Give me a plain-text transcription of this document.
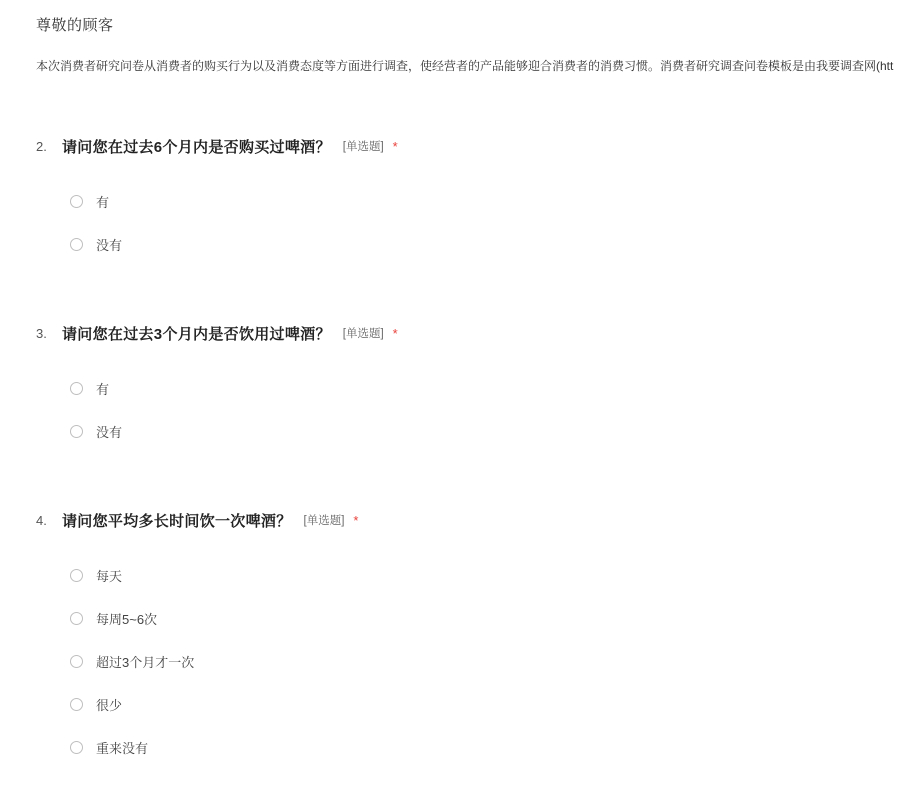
尊敬的顾客
本次消费者研究问卷从消费者的购买行为以及消费态度等方面进行调查，使经营者的产品能够迎合消费者的消费习惯。消费者研究调查问卷模板是由我要调查网(htt
2.	请问您在过去6个月内是否购买过啤酒？ [单选题] *
有
没有
3.	请问您在过去3个月内是否饮用过啤酒？ [单选题] *
有
没有
4.	请问您平均多长时间饮一次啤酒？ [单选题] *
每天
每周5~6次
超过3个月才一次
很少
重来没有
